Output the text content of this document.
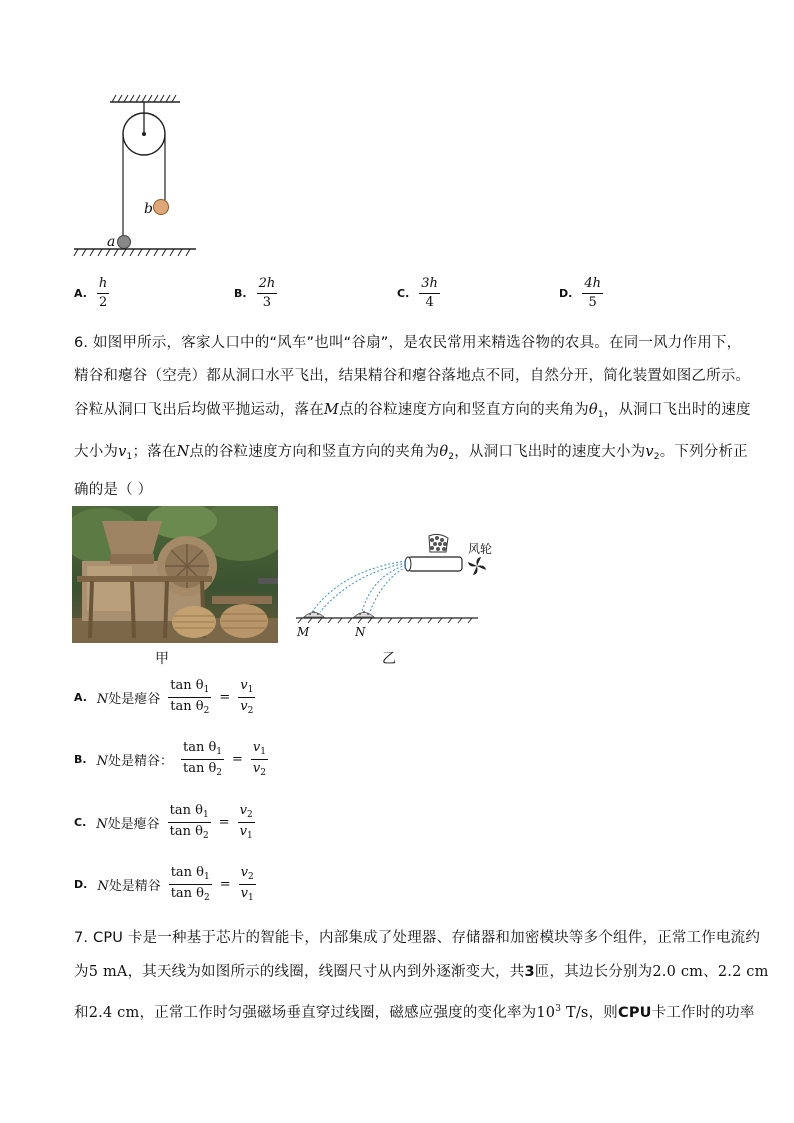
b
a
A. $\frac{h}{2}$	B. $\frac{2h}{3}$	C. $\frac{3h}{4}$	D. $\frac{4h}{5}$
6. 如图甲所示，客家人口中的“风车”也叫“谷扇”，是农民常用来精选谷物的农具。在同一风力作用下，
精谷和瘪谷（空壳）都从洞口水平飞出，结果精谷和瘪谷落地点不同，自然分开，简化装置如图乙所示。
谷粒从洞口飞出后均做平抛运动，落在M点的谷粒速度方向和竖直方向的夹角为$\theta_1$，从洞口飞出时的速度
大小为$v_1$；落在N点的谷粒速度方向和竖直方向的夹角为$\theta_2$，从洞口飞出时的速度大小为$v_2$。下列分析正
确的是（ ）
甲
风轮
M	N
乙
A. N处是瘪谷 $\frac{\tan \theta_1}{\tan \theta_2} = \frac{v_1}{v_2}$
B. N处是精谷： $\frac{\tan \theta_1}{\tan \theta_2} = \frac{v_1}{v_2}$
C. N处是瘪谷 $\frac{\tan \theta_1}{\tan \theta_2} = \frac{v_2}{v_1}$
D. N处是精谷 $\frac{\tan \theta_1}{\tan \theta_2} = \frac{v_2}{v_1}$
7. CPU 卡是一种基于芯片的智能卡，内部集成了处理器、存储器和加密模块等多个组件，正常工作电流约
为5 mA，其天线为如图所示的线圈，线圈尺寸从内到外逐渐变大，共3匝，其边长分别为2.0 cm、2.2 cm
和2.4 cm，正常工作时匀强磁场垂直穿过线圈，磁感应强度的变化率为$10^3$ T/s，则CPU卡工作时的功率
